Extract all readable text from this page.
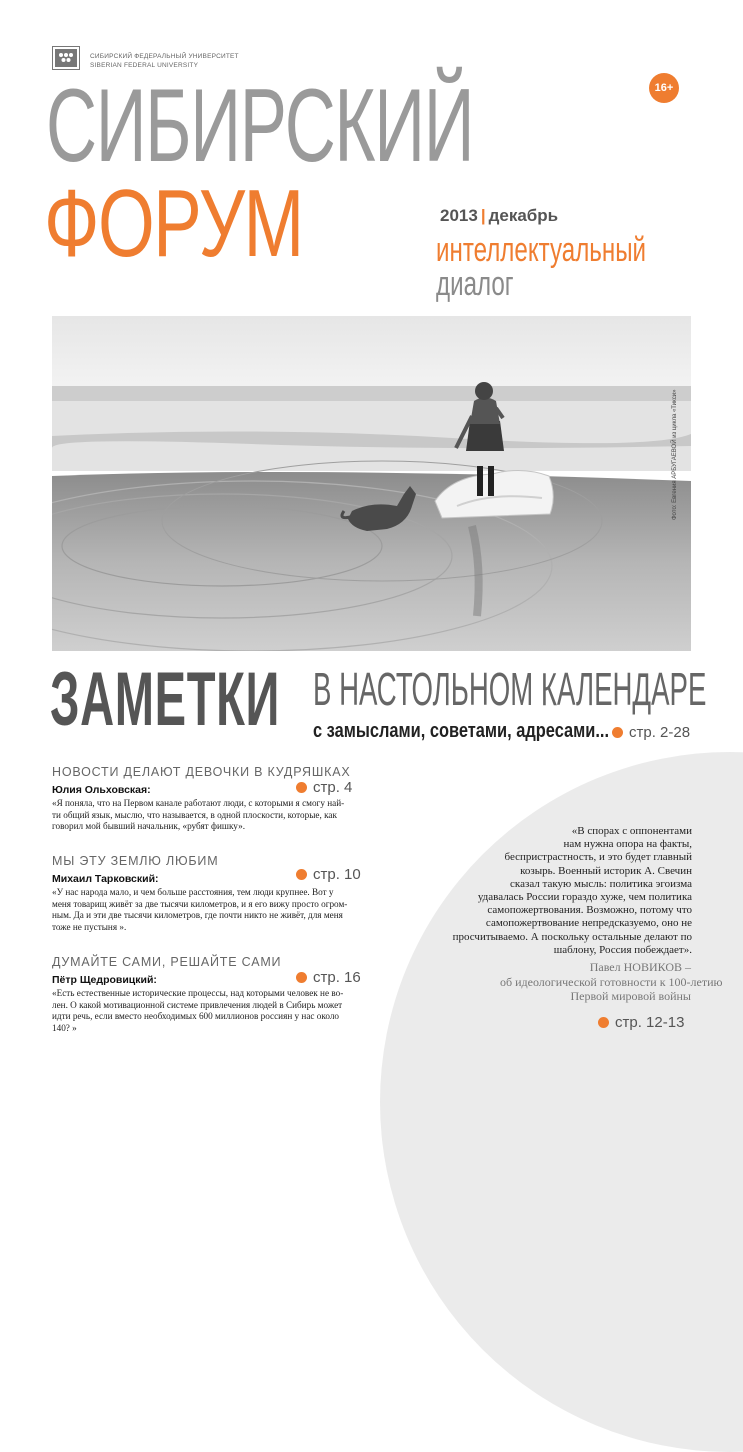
СИБИРСКИЙ ФЕДЕРАЛЬНЫЙ УНИВЕРСИТЕТ
SIBERIAN FEDERAL UNIVERSITY
СИБИРСКИЙ
ФОРУМ
16+
2013 | декабрь
интеллектуальный
диалог
Фото: Евгения АРБУГАЕВОЙ из цикла «Тикси»
ЗАМЕТКИ В НАСТОЛЬНОМ КАЛЕНДАРЕ
с замыслами, советами, адресами...	стр. 2-28
НОВОСТИ ДЕЛАЮТ ДЕВОЧКИ В КУДРЯШКАХ
Юлия Ольховская:	стр. 4
«Я поняла, что на Первом канале работают люди, с которыми я смогу най-
ти общий язык, мыслю, что называется, в одной плоскости, которые, как
говорил мой бывший начальник, «рубят фишку».
МЫ ЭТУ ЗЕМЛЮ ЛЮБИМ
Михаил Тарковский:	стр. 10
«У нас народа мало, и чем больше расстояния, тем люди крупнее. Вот у
меня товарищ живёт за две тысячи километров, и я его вижу просто огром-
ным. Да и эти две тысячи километров, где почти никто не живёт, для меня
тоже не пустыня ».
ДУМАЙТЕ САМИ, РЕШАЙТЕ САМИ
Пётр Щедровицкий:	стр. 16
«Есть естественные исторические процессы, над которыми человек не во-
лен. О какой мотивационной системе привлечения людей в Сибирь может
идти речь, если вместо необходимых 600 миллионов россиян у нас около
140? »
«В спорах с оппонентами
нам нужна опора на факты,
беспристрастность, и это будет главный
козырь. Военный историк А. Свечин
сказал такую мысль: политика эгоизма
удавалась России гораздо хуже, чем политика
самопожертвования. Возможно, потому что
самопожертвование непредсказуемо, оно не
просчитываемо. А поскольку остальные делают по
шаблону, Россия побеждает».
Павел НОВИКОВ –
об идеологической готовности к 100-летию
Первой мировой войны
стр. 12-13
